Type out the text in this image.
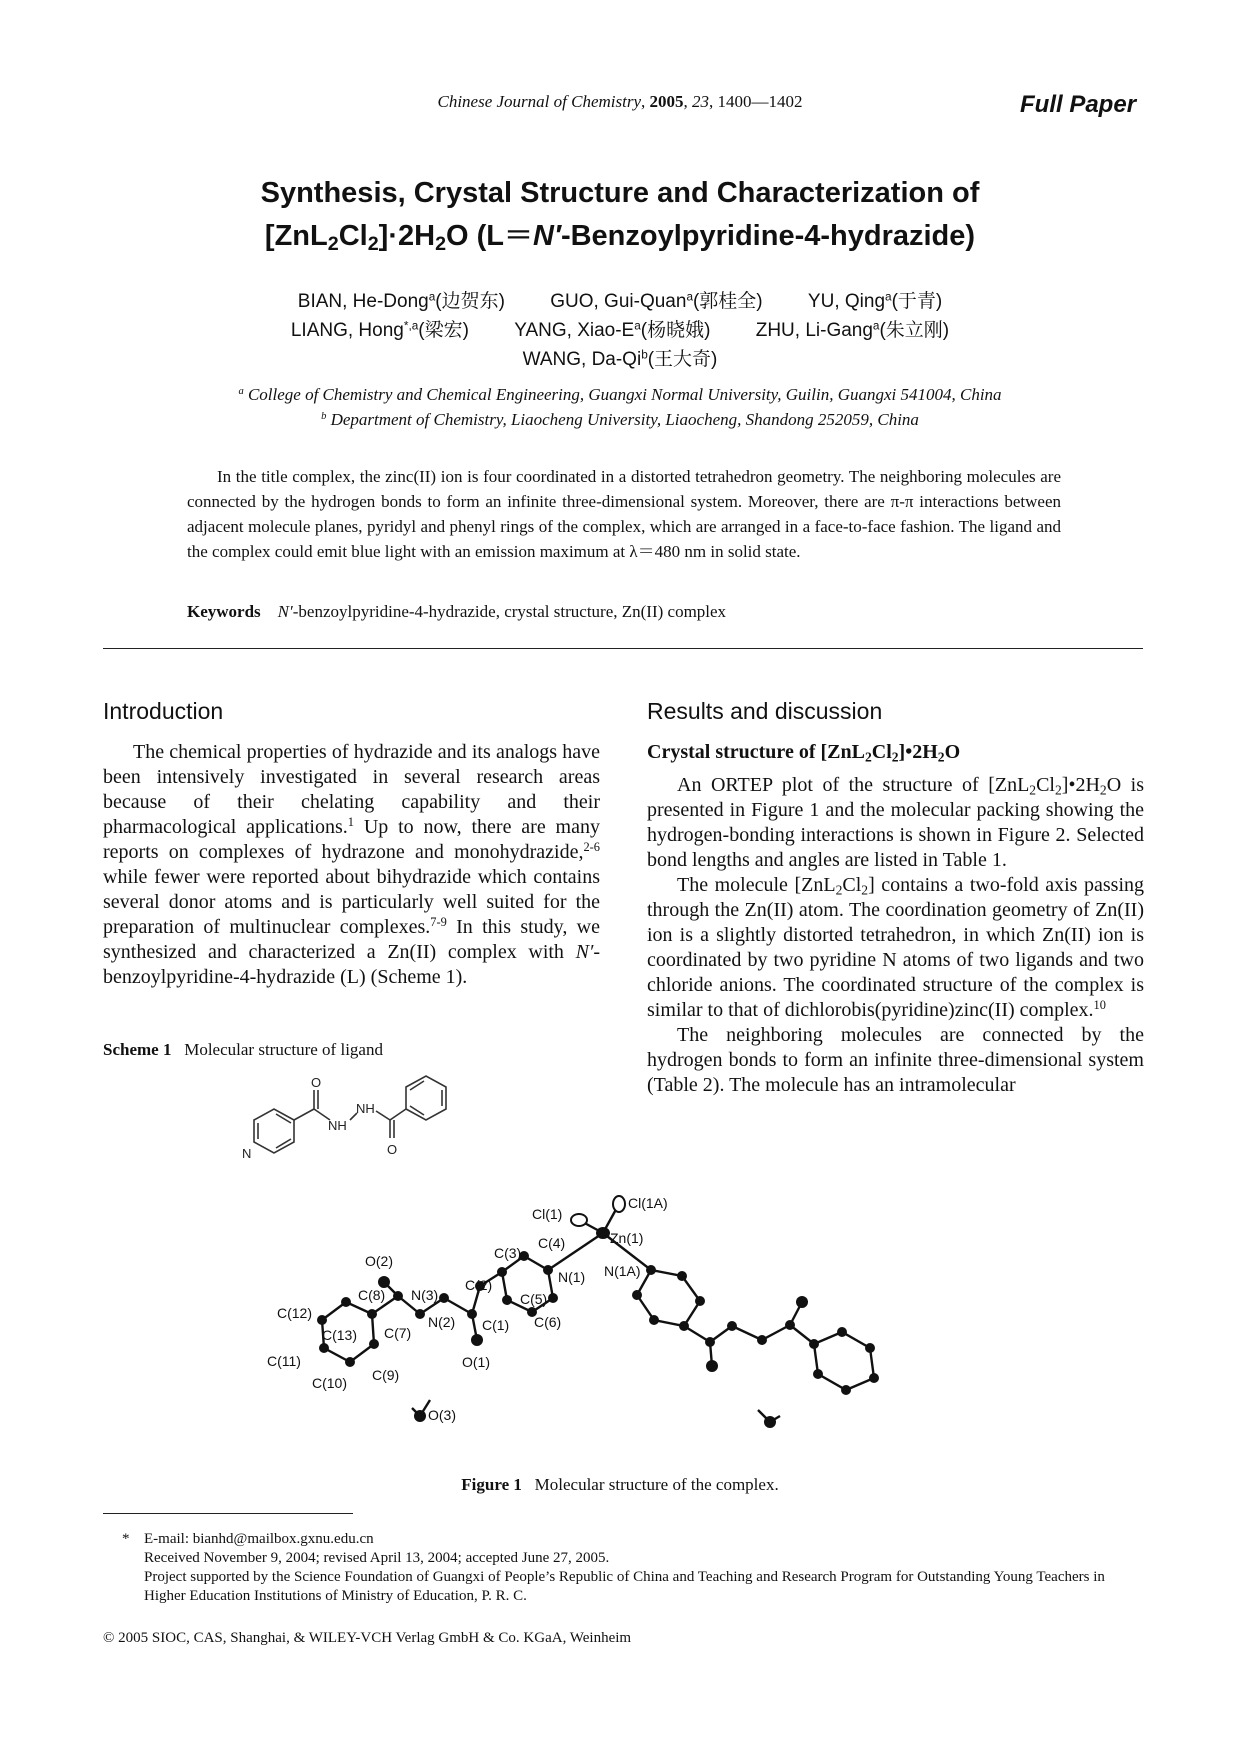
Chinese Journal of Chemistry, 2005, 23, 1400—1402	Full Paper
Synthesis, Crystal Structure and Characterization of
$[ZnL_2Cl_2]\cdot 2H_2O$ (L＝N′-Benzoylpyridine-4-hydrazide)
BIAN, He-Dong$^a$(边贺东) GUO, Gui-Quan$^a$(郭桂全) YU, Qing$^a$(于青)
LIANG, Hong$^{*,a}$(梁宏) YANG, Xiao-$E^a$(杨晓娥) ZHU, Li-Gang$^a$(朱立刚)
WANG, Da-Qi$^b$(王大奇)
$^a$ College of Chemistry and Chemical Engineering, Guangxi Normal University, Guilin, Guangxi 541004, China
$^b$ Department of Chemistry, Liaocheng University, Liaocheng, Shandong 252059, China
In the title complex, the zinc(II) ion is four coordinated in a distorted tetrahedron geometry. The neighboring molecules are connected by the hydrogen bonds to form an infinite three-dimensional system. Moreover, there are π-π interactions between adjacent molecule planes, pyridyl and phenyl rings of the complex, which are arranged in a face-to-face fashion. The ligand and the complex could emit blue light with an emission maximum at λ＝480 nm in solid state.
Keywords N′-benzoylpyridine-4-hydrazide, crystal structure, Zn(II) complex
Introduction

The chemical properties of hydrazide and its analogs have been intensively investigated in several research areas because of their chelating capability and their pharmacological applications.$^1$ Up to now, there are many reports on complexes of hydrazone and monohydrazide,$^{2-6}$ while fewer were reported about bihydrazide which contains several donor atoms and is particularly well suited for the preparation of multinuclear complexes.$^{7-9}$ In this study, we synthesized and characterized a Zn(II) complex with N′-benzoylpyridine-4-hydrazide (L) (Scheme 1).

Scheme 1 Molecular structure of ligand
N
O
NH
NH
O
Results and discussion
Crystal structure of $[ZnL_2Cl_2]•2H_2O$

An ORTEP plot of the structure of $[ZnL_2Cl_2]•2H_2O$ is presented in Figure 1 and the molecular packing showing the hydrogen-bonding interactions is shown in Figure 2. Selected bond lengths and angles are listed in Table 1.

The molecule $[ZnL_2Cl_2]$ contains a two-fold axis passing through the Zn(II) atom. The coordination geometry of Zn(II) ion is a slightly distorted tetrahedron, in which Zn(II) ion is coordinated by two pyridine N atoms of two ligands and two chloride anions. The coordinated structure of the complex is similar to that of dichlorobis(pyridine)zinc(II) complex.$^{10}$

The neighboring molecules are connected by the hydrogen bonds to form an infinite three-dimensional system (Table 2). The molecule has an intramolecular

Cl(1)
Cl(1A)
Zn(1)
N(1) N(1A)
C(3)
C(4)
C(2)
C(5)
C(1) C(6)
O(2)
N(3)
N(2)
C(8)
C(7)
C(12)
C(13)
C(11)
C(10) C(9)
O(1)
O(3)
Figure 1 Molecular structure of the complex.
* E-mail: bianhd@mailbox.gxnu.edu.cn
Received November 9, 2004; revised April 13, 2004; accepted June 27, 2005.
Project supported by the Science Foundation of Guangxi of People’s Republic of China and Teaching and Research Program for Outstanding Young Teachers in Higher Education Institutions of Ministry of Education, P. R. C.
© 2005 SIOC, CAS, Shanghai, & WILEY-VCH Verlag GmbH & Co. KGaA, Weinheim
